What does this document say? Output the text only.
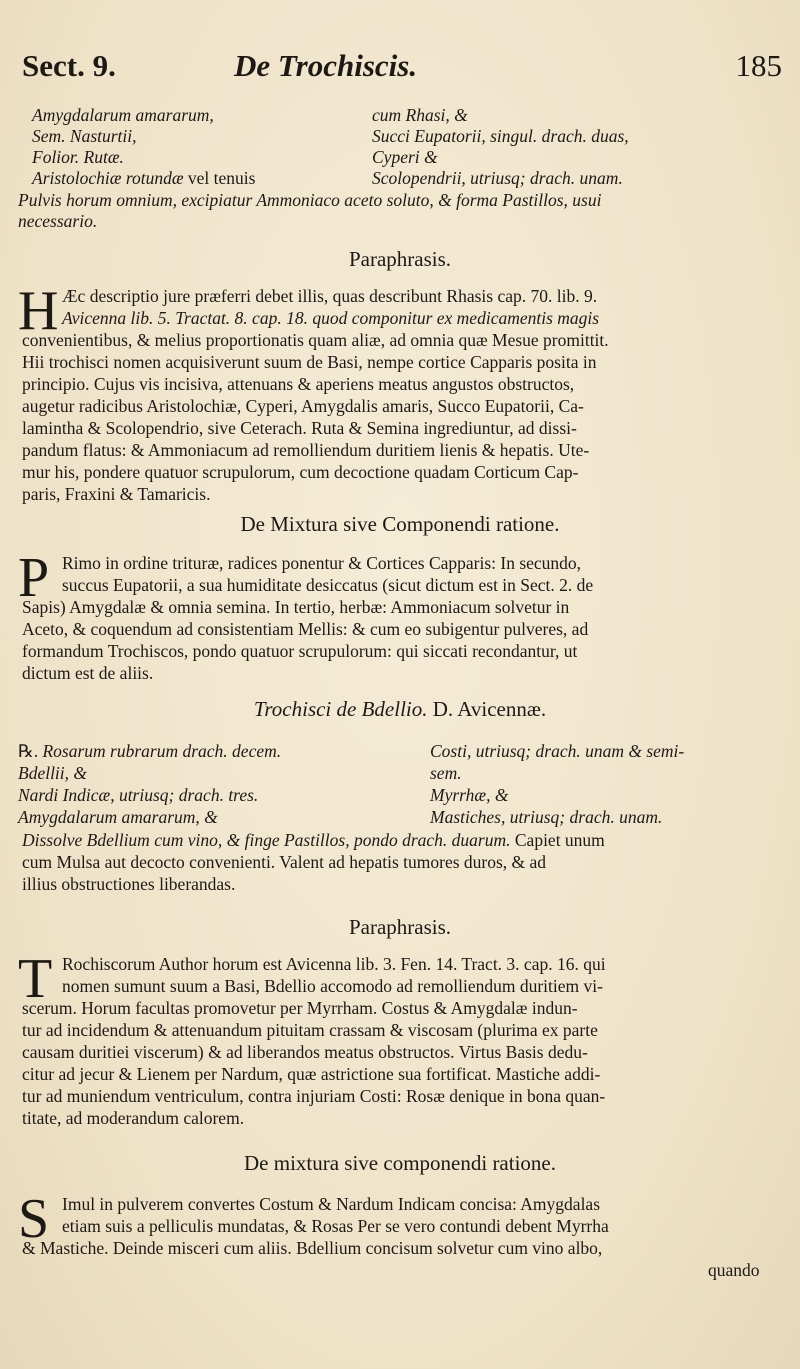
Sect. 9.	De Trochiscis.	185
Amygdalarum amararum,
Sem. Nasturtii,
Folior. Rutæ.
Aristolochiæ rotundæ vel tenuis
cum Rhasi, &
Succi Eupatorii, singul. drach. duas,
Cyperi &
Scolopendrii, utriusq; drach. unam.
Pulvis horum omnium, excipiatur Ammoniaco aceto soluto, & forma Pastillos, usui
necessario.
Paraphrasis.
H Æc descriptio jure præferri debet illis, quas describunt Rhasis cap. 70. lib. 9.
Avicenna lib. 5. Tractat. 8. cap. 18. quod componitur ex medicamentis magis
convenientibus, & melius proportionatis quam aliæ, ad omnia quæ Mesue promittit.
Hii trochisci nomen acquisiverunt suum de Basi, nempe cortice Capparis posita in
principio. Cujus vis incisiva, attenuans & aperiens meatus angustos obstructos,
augetur radicibus Aristolochiæ, Cyperi, Amygdalis amaris, Succo Eupatorii, Ca-
lamintha & Scolopendrio, sive Ceterach. Ruta & Semina ingrediuntur, ad dissi-
pandum flatus: & Ammoniacum ad remolliendum duritiem lienis & hepatis. Ute-
mur his, pondere quatuor scrupulorum, cum decoctione quadam Corticum Cap-
paris, Fraxini & Tamaricis.
De Mixtura sive Componendi ratione.
P Rimo in ordine trituræ, radices ponentur & Cortices Capparis: In secundo,
succus Eupatorii, a sua humiditate desiccatus (sicut dictum est in Sect. 2. de
Sapis) Amygdalæ & omnia semina. In tertio, herbæ: Ammoniacum solvetur in
Aceto, & coquendum ad consistentiam Mellis: & cum eo subigentur pulveres, ad
formandum Trochiscos, pondo quatuor scrupulorum: qui siccati recondantur, ut
dictum est de aliis.
Trochisci de Bdellio. D. Avicennæ.
℞. Rosarum rubrarum drach. decem.
Bdellii, &
Nardi Indicæ, utriusq; drach. tres.
Amygdalarum amararum, &
Costi, utriusq; drach. unam & semi-
sem.
Myrrhæ, &
Mastiches, utriusq; drach. unam.
Dissolve Bdellium cum vino, & finge Pastillos, pondo drach. duarum. Capiet unum
cum Mulsa aut decocto convenienti. Valent ad hepatis tumores duros, & ad
illius obstructiones liberandas.
Paraphrasis.
T Rochiscorum Author horum est Avicenna lib. 3. Fen. 14. Tract. 3. cap. 16. qui
nomen sumunt suum a Basi, Bdellio accomodo ad remolliendum duritiem vi-
scerum. Horum facultas promovetur per Myrrham. Costus & Amygdalæ indun-
tur ad incidendum & attenuandum pituitam crassam & viscosam (plurima ex parte
causam duritiei viscerum) & ad liberandos meatus obstructos. Virtus Basis dedu-
citur ad jecur & Lienem per Nardum, quæ astrictione sua fortificat. Mastiche addi-
tur ad muniendum ventriculum, contra injuriam Costi: Rosæ denique in bona quan-
titate, ad moderandum calorem.
De mixtura sive componendi ratione.
S Imul in pulverem convertes Costum & Nardum Indicam concisa: Amygdalas
etiam suis a pelliculis mundatas, & Rosas Per se vero contundi debent Myrrha
& Mastiche. Deinde misceri cum aliis. Bdellium concisum solvetur cum vino albo,
quando
